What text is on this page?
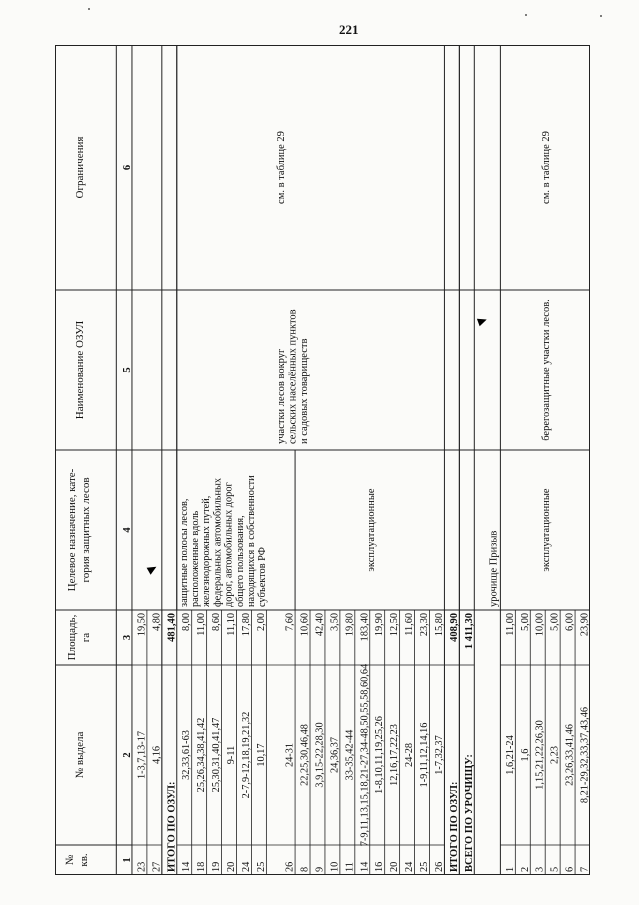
221
№ кв.
№ выдела
Площадь, га
Целевое назначение, кате- гория защитных лесов
Наименование ОЗУЛ
Ограничения
1
2
3
4
5
6
23
1-3,7,13-17
19,50
27
4,16
4,80
ИТОГО ПО ОЗУЛ:
481,40
14
32,33,61-63
8,00
18
25,26,34,38,41,42
11,00
19
25,30,31,40,41,47
8,60
20
9-11
11,10
24
2-7,9-12,18,19,21,32
17,80
25
10,17
2,00
26
24-31
7,60
8
22,25,30,46,48
10,60
9
3,9,15-22,28,30
42,40
10
24,36,37
3,50
11
33-35,42-44
19,80
14
7-9,11,13,15,18,21-27,34-48,50,55,58,60,64
183,40
16
1-8,10,11,19,25,26
19,90
20
12,16,17,22,23
12,50
24
24-28
11,60
25
1-9,11,12,14,16
23,30
26
1-7,32,37
15,80
ИТОГО ПО ОЗУЛ:
408,90
ВСЕГО ПО УРОЧИЩУ:
1 411,30
урочище Призыв
1
1,6,21-24
11,00
2
1,6
5,00
3
1,15,21,22,26,30
10,00
5
2,23
5,00
6
23,26,33,41,46
6,00
7
8,21-29,32,33,37,43,46
23,90
защитные полосы лесов, расположенные вдоль железнодорожных путей, федеральных автомобильных дорог, автомобильных дорог общего пользования, находящихся в собственности субъектов РФ
эксплуатационные
участки лесов вокруг сельских населённых пунктов и садовых товариществ
см. в таблице 29
эксплуатационные
берегозащитные участки лесов.
см. в таблице 29
